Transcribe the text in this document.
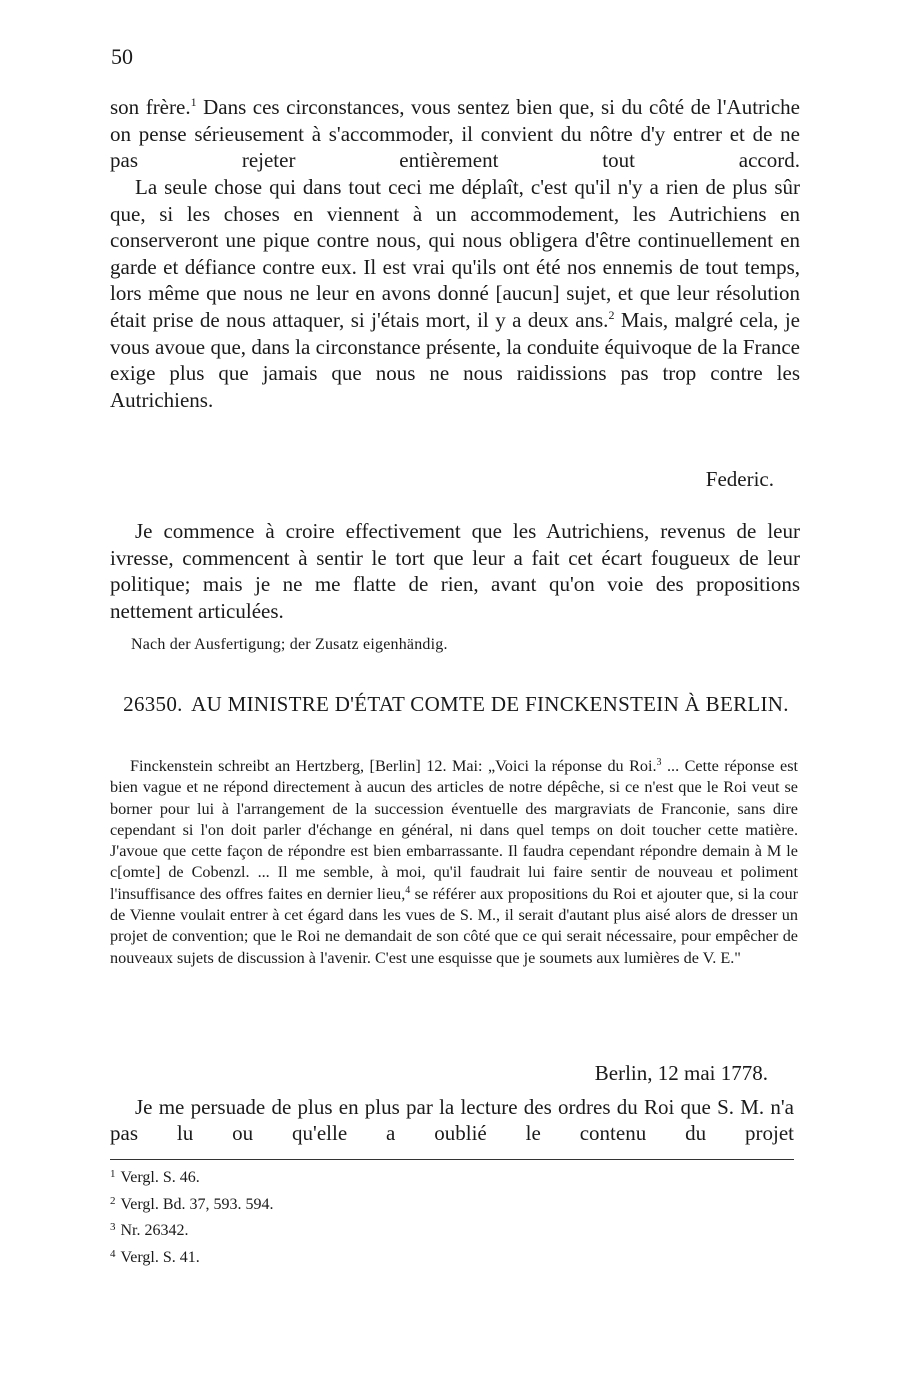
50

son frère.$^1$ Dans ces circonstances, vous sentez bien que, si du côté de l'Autriche on pense sérieusement à s'accommoder, il convient du nôtre d'y entrer et de ne pas rejeter entièrement tout accord.

La seule chose qui dans tout ceci me déplaît, c'est qu'il n'y a rien de plus sûr que, si les choses en viennent à un accommodement, les Autrichiens en conserveront une pique contre nous, qui nous obligera d'être continuellement en garde et défiance contre eux. Il est vrai qu'ils ont été nos ennemis de tout temps, lors même que nous ne leur en avons donné [aucun] sujet, et que leur résolution était prise de nous attaquer, si j'étais mort, il y a deux ans.$^2$ Mais, malgré cela, je vous avoue que, dans la circonstance présente, la conduite équivoque de la France exige plus que jamais que nous ne nous raidissions pas trop contre les Autrichiens.

Federic.

Je commence à croire effectivement que les Autrichiens, revenus de leur ivresse, commencent à sentir le tort que leur a fait cet écart fougueux de leur politique; mais je ne me flatte de rien, avant qu'on voie des propositions nettement articulées.

Nach der Ausfertigung; der Zusatz eigenhändig.

26350. AU MINISTRE D'ÉTAT COMTE DE FINCKENSTEIN À BERLIN.

Finckenstein schreibt an Hertzberg, [Berlin] 12. Mai: „Voici la réponse du Roi.$^3$ ... Cette réponse est bien vague et ne répond directement à aucun des articles de notre dépêche, si ce n'est que le Roi veut se borner pour lui à l'arrangement de la succession éventuelle des margraviats de Franconie, sans dire cependant si l'on doit parler d'échange en général, ni dans quel temps on doit toucher cette matière. J'avoue que cette façon de répondre est bien embarrassante. Il faudra cependant répondre demain à M le c[omte] de Cobenzl. ... Il me semble, à moi, qu'il faudrait lui faire sentir de nouveau et poliment l'insuffisance des offres faites en dernier lieu,$^4$ se référer aux propositions du Roi et ajouter que, si la cour de Vienne voulait entrer à cet égard dans les vues de S. M., il serait d'autant plus aisé alors de dresser un projet de convention; que le Roi ne demandait de son côté que ce qui serait nécessaire, pour empêcher de nouveaux sujets de discussion à l'avenir. C'est une esquisse que je soumets aux lumières de V. E."

Berlin, 12 mai 1778.

Je me persuade de plus en plus par la lecture des ordres du Roi que S. M. n'a pas lu ou qu'elle a oublié le contenu du projet

$^1$ Vergl. S. 46.
$^2$ Vergl. Bd. 37, 593. 594.
$^3$ Nr. 26342.
$^4$ Vergl. S. 41.
